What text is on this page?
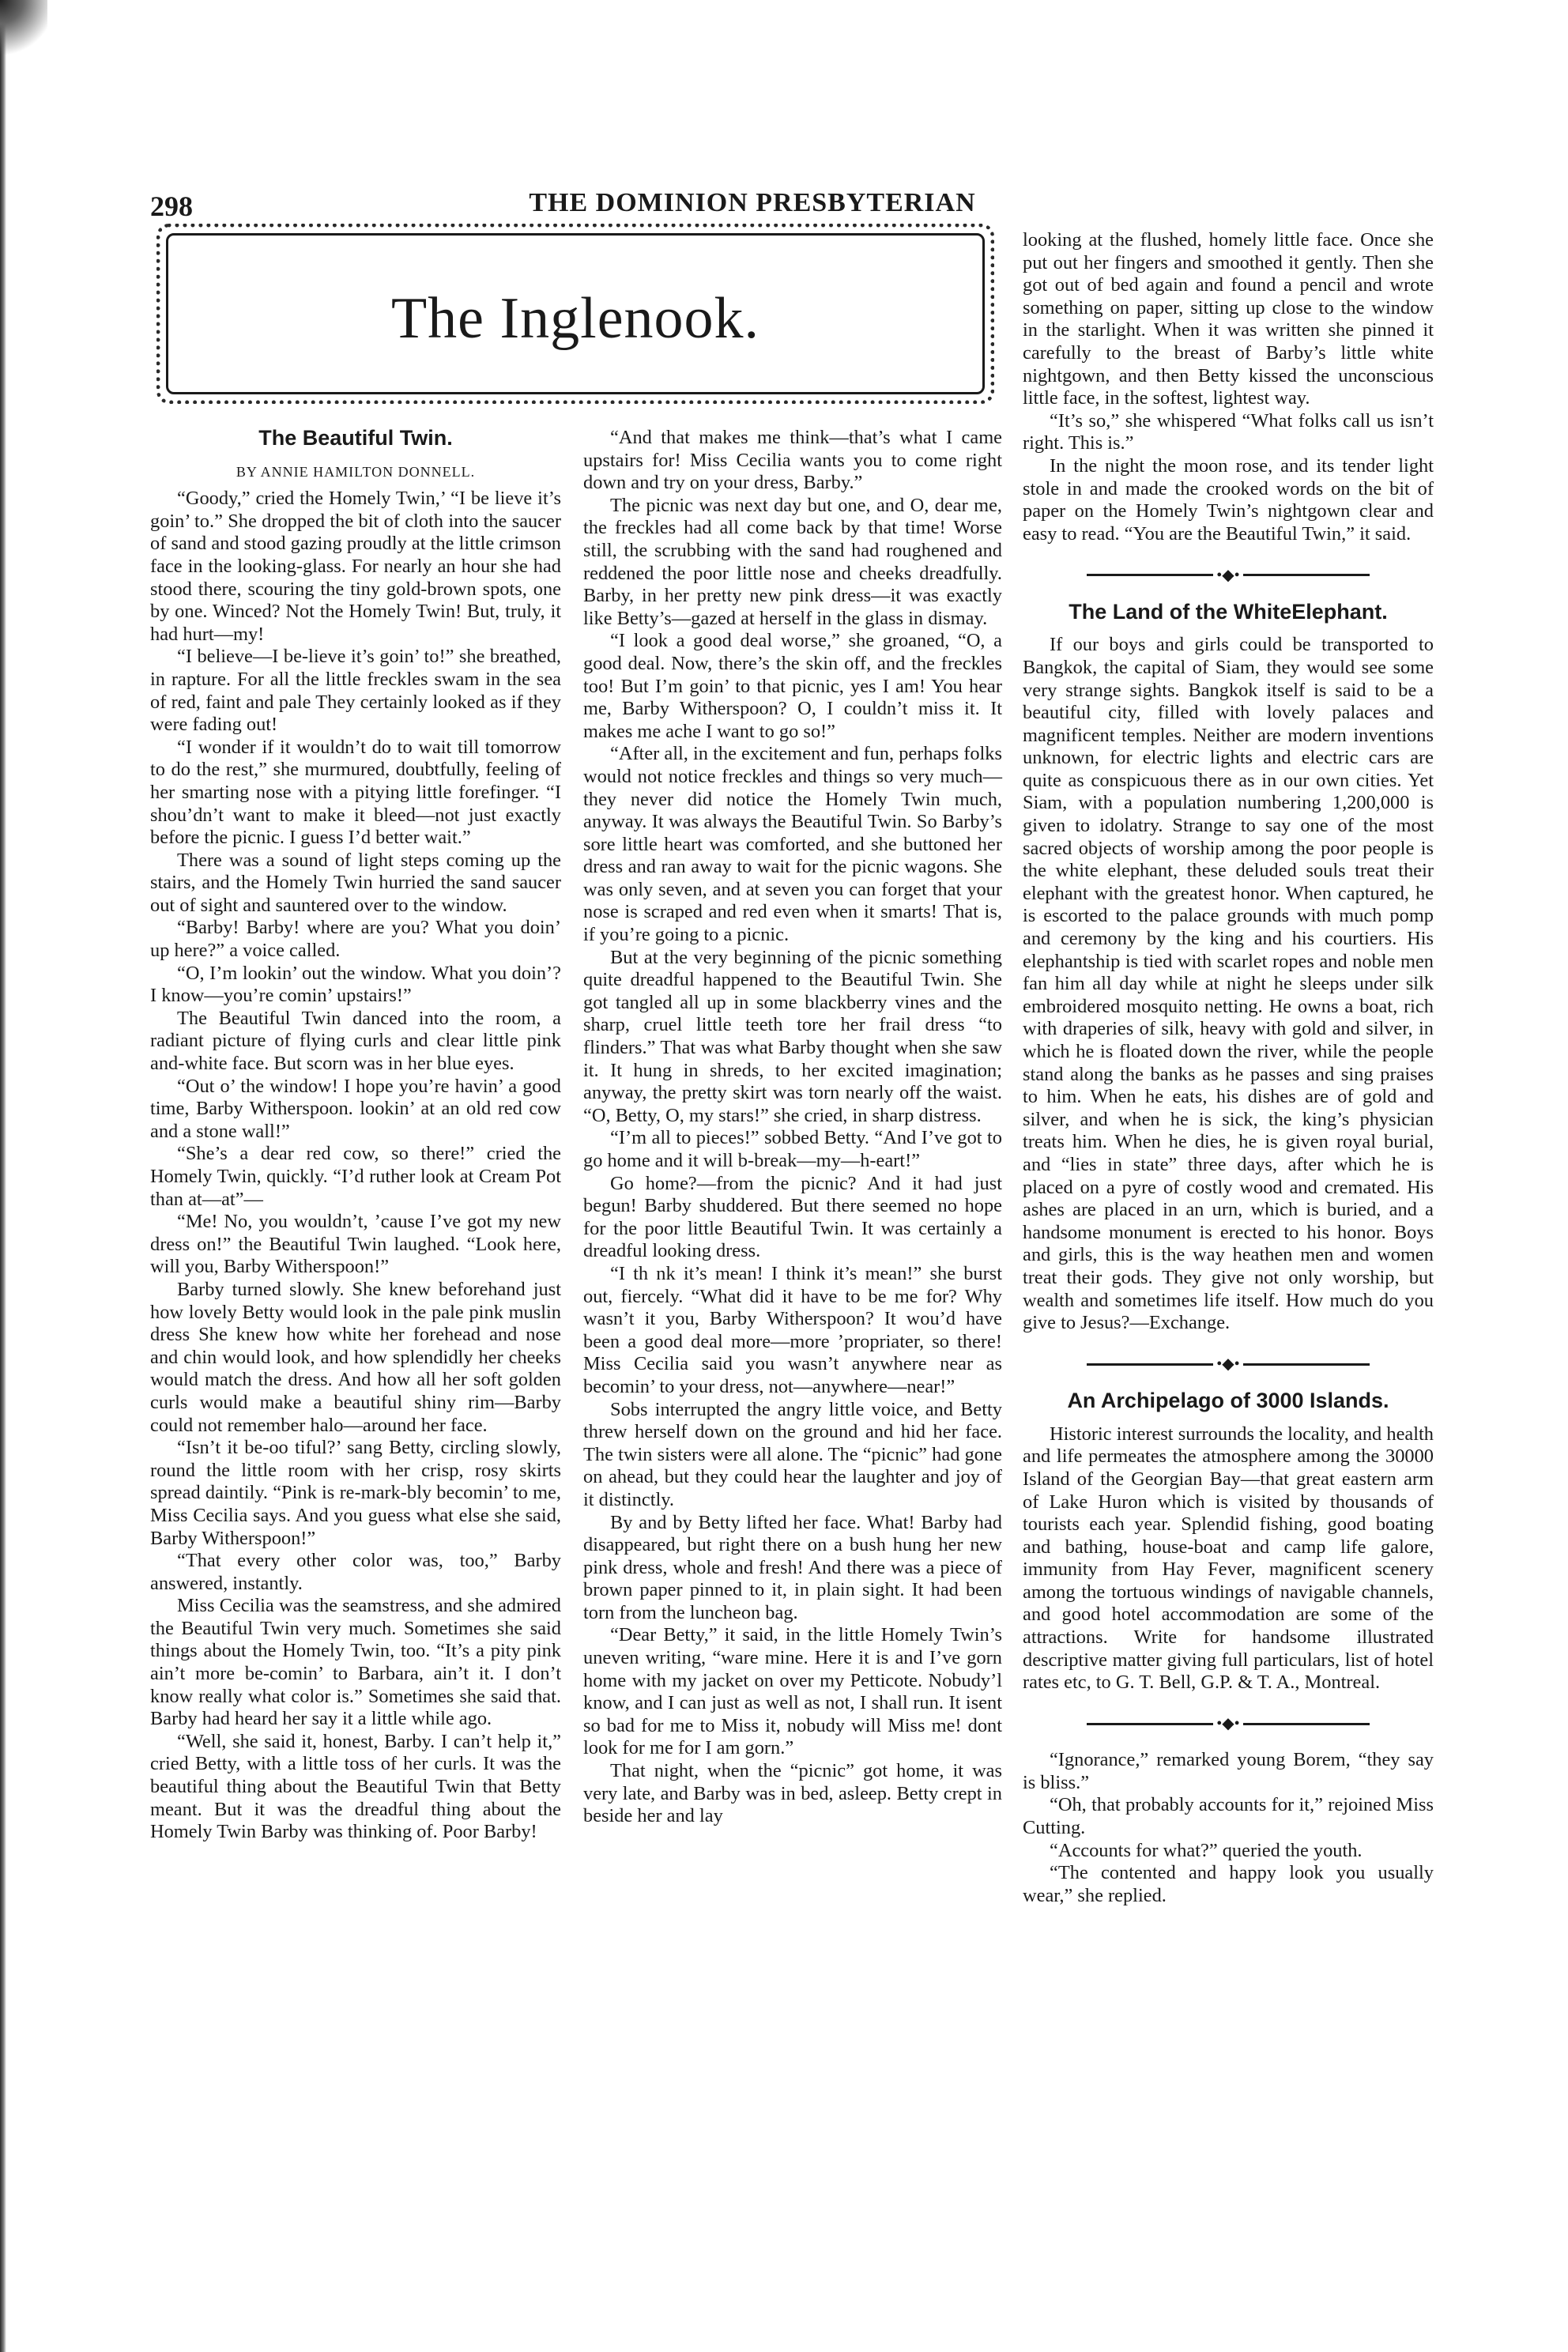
298	THE DOMINION PRESBYTERIAN
The Inglenook.
The Beautiful Twin.
BY ANNIE HAMILTON DONNELL.

“Goody,” cried the Homely Twin,’ “I be lieve it’s goin’ to.” She dropped the bit of cloth into the saucer of sand and stood gazing proudly at the little crimson face in the looking-glass. For nearly an hour she had stood there, scouring the tiny gold-brown spots, one by one. Winced? Not the Homely Twin! But, truly, it had hurt—my!

“I believe—I be-lieve it’s goin’ to!” she breathed, in rapture. For all the little freckles swam in the sea of red, faint and pale They certainly looked as if they were fading out!

“I wonder if it wouldn’t do to wait till tomorrow to do the rest,” she murmured, doubtfully, feeling of her smarting nose with a pitying little forefinger. “I shou’dn’t want to make it bleed—not just exactly before the picnic. I guess I’d better wait.”

There was a sound of light steps coming up the stairs, and the Homely Twin hurried the sand saucer out of sight and sauntered over to the window.

“Barby! Barby! where are you? What you doin’ up here?” a voice called.

“O, I’m lookin’ out the window. What you doin’? I know—you’re comin’ upstairs!”

The Beautiful Twin danced into the room, a radiant picture of flying curls and clear little pink and-white face. But scorn was in her blue eyes.

“Out o’ the window! I hope you’re havin’ a good time, Barby Witherspoon. lookin’ at an old red cow and a stone wall!”

“She’s a dear red cow, so there!” cried the Homely Twin, quickly. “I’d ruther look at Cream Pot than at—at”—

“Me! No, you wouldn’t, ’cause I’ve got my new dress on!” the Beautiful Twin laughed. “Look here, will you, Barby Witherspoon!”

Barby turned slowly. She knew beforehand just how lovely Betty would look in the pale pink muslin dress She knew how white her forehead and nose and chin would look, and how splendidly her cheeks would match the dress. And how all her soft golden curls would make a beautiful shiny rim—Barby could not remember halo—around her face.

“Isn’t it be-oo tiful?’ sang Betty, circling slowly, round the little room with her crisp, rosy skirts spread daintily. “Pink is re-mark-bly becomin’ to me, Miss Cecilia says. And you guess what else she said, Barby Witherspoon!”

“That every other color was, too,” Barby answered, instantly.

Miss Cecilia was the seamstress, and she admired the Beautiful Twin very much. Sometimes she said things about the Homely Twin, too. “It’s a pity pink ain’t more be-comin’ to Barbara, ain’t it. I don’t know really what color is.” Sometimes she said that. Barby had heard her say it a little while ago.

“Well, she said it, honest, Barby. I can’t help it,” cried Betty, with a little toss of her curls. It was the beautiful thing about the Beautiful Twin that Betty meant. But it was the dreadful thing about the Homely Twin Barby was thinking of. Poor Barby!

“And that makes me think—that’s what I came upstairs for! Miss Cecilia wants you to come right down and try on your dress, Barby.”

The picnic was next day but one, and O, dear me, the freckles had all come back by that time! Worse still, the scrubbing with the sand had roughened and reddened the poor little nose and cheeks dreadfully. Barby, in her pretty new pink dress—it was exactly like Betty’s—gazed at herself in the glass in dismay.

“I look a good deal worse,” she groaned, “O, a good deal. Now, there’s the skin off, and the freckles too! But I’m goin’ to that picnic, yes I am! You hear me, Barby Witherspoon? O, I couldn’t miss it. It makes me ache I want to go so!”

“After all, in the excitement and fun, perhaps folks would not notice freckles and things so very much—they never did notice the Homely Twin much, anyway. It was always the Beautiful Twin. So Barby’s sore little heart was comforted, and she buttoned her dress and ran away to wait for the picnic wagons. She was only seven, and at seven you can forget that your nose is scraped and red even when it smarts! That is, if you’re going to a picnic.

But at the very beginning of the picnic something quite dreadful happened to the Beautiful Twin. She got tangled all up in some blackberry vines and the sharp, cruel little teeth tore her frail dress “to flinders.” That was what Barby thought when she saw it. It hung in shreds, to her excited imagination; anyway, the pretty skirt was torn nearly off the waist. “O, Betty, O, my stars!” she cried, in sharp distress.

“I’m all to pieces!” sobbed Betty. “And I’ve got to go home and it will b-break—my—h-eart!”

Go home?—from the picnic? And it had just begun! Barby shuddered. But there seemed no hope for the poor little Beautiful Twin. It was certainly a dreadful looking dress.

“I th nk it’s mean! I think it’s mean!” she burst out, fiercely. “What did it have to be me for? Why wasn’t it you, Barby Witherspoon? It wou’d have been a good deal more—more ’propriater, so there! Miss Cecilia said you wasn’t anywhere near as becomin’ to your dress, not—anywhere—near!”

Sobs interrupted the angry little voice, and Betty threw herself down on the ground and hid her face. The twin sisters were all alone. The “picnic” had gone on ahead, but they could hear the laughter and joy of it distinctly.

By and by Betty lifted her face. What! Barby had disappeared, but right there on a bush hung her new pink dress, whole and fresh! And there was a piece of brown paper pinned to it, in plain sight. It had been torn from the luncheon bag.

“Dear Betty,” it said, in the little Homely Twin’s uneven writing, “ware mine. Here it is and I’ve gorn home with my jacket on over my Petticote. Nobudy’l know, and I can just as well as not, I shall run. It isent so bad for me to Miss it, nobudy will Miss me! dont look for me for I am gorn.”

That night, when the “picnic” got home, it was very late, and Barby was in bed, asleep. Betty crept in beside her and lay

looking at the flushed, homely little face. Once she put out her fingers and smoothed it gently. Then she got out of bed again and found a pencil and wrote something on paper, sitting up close to the window in the starlight. When it was written she pinned it carefully to the breast of Barby’s little white nightgown, and then Betty kissed the unconscious little face, in the softest, lightest way.

“It’s so,” she whispered “What folks call us isn’t right. This is.”

In the night the moon rose, and its tender light stole in and made the crooked words on the bit of paper on the Homely Twin’s nightgown clear and easy to read. “You are the Beautiful Twin,” it said.

•◆•
The Land of the WhiteElephant.

If our boys and girls could be transported to Bangkok, the capital of Siam, they would see some very strange sights. Bangkok itself is said to be a beautiful city, filled with lovely palaces and magnificent temples. Neither are modern inventions unknown, for electric lights and electric cars are quite as conspicuous there as in our own cities. Yet Siam, with a population numbering 1,200,000 is given to idolatry. Strange to say one of the most sacred objects of worship among the poor people is the white elephant, these deluded souls treat their elephant with the greatest honor. When captured, he is escorted to the palace grounds with much pomp and ceremony by the king and his courtiers. His elephantship is tied with scarlet ropes and noble men fan him all day while at night he sleeps under silk embroidered mosquito netting. He owns a boat, rich with draperies of silk, heavy with gold and silver, in which he is floated down the river, while the people stand along the banks as he passes and sing praises to him. When he eats, his dishes are of gold and silver, and when he is sick, the king’s physician treats him. When he dies, he is given royal burial, and “lies in state” three days, after which he is placed on a pyre of costly wood and cremated. His ashes are placed in an urn, which is buried, and a handsome monument is erected to his honor. Boys and girls, this is the way heathen men and women treat their gods. They give not only worship, but wealth and sometimes life itself. How much do you give to Jesus?—Exchange.

•◆•
An Archipelago of 3000 Islands.

Historic interest surrounds the locality, and health and life permeates the atmosphere among the 30000 Island of the Georgian Bay—that great eastern arm of Lake Huron which is visited by thousands of tourists each year. Splendid fishing, good boating and bathing, house-boat and camp life galore, immunity from Hay Fever, magnificent scenery among the tortuous windings of navigable channels, and good hotel accommodation are some of the attractions. Write for handsome illustrated descriptive matter giving full particulars, list of hotel rates etc, to G. T. Bell, G.P. & T. A., Montreal.

•◆•

“Ignorance,” remarked young Borem, “they say is bliss.”

“Oh, that probably accounts for it,” rejoined Miss Cutting.

“Accounts for what?” queried the youth.

“The contented and happy look you usually wear,” she replied.
